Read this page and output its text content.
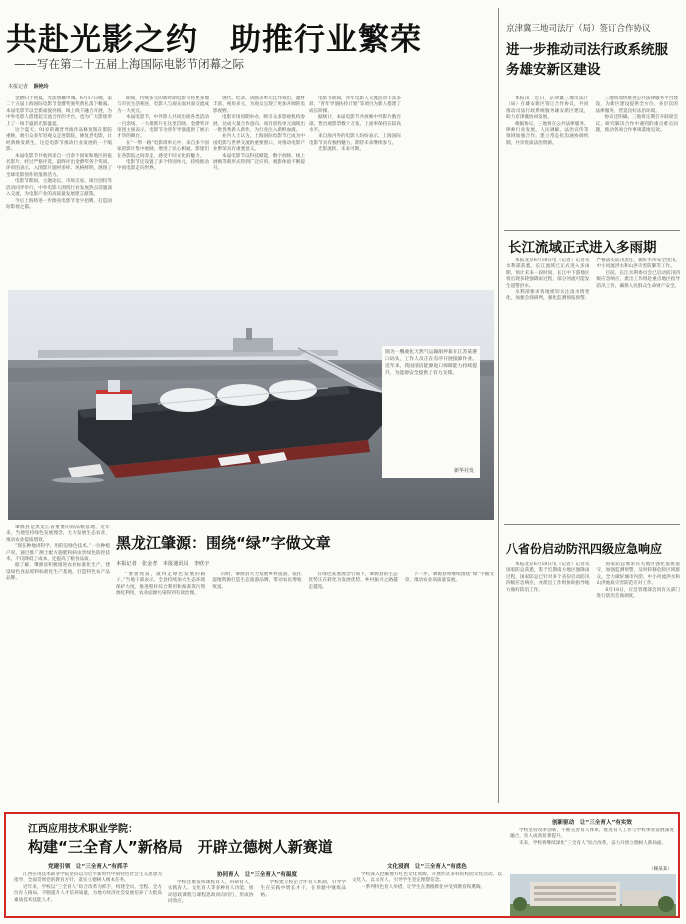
共赴光影之约　助推行业繁荣
——写在第二十五届上海国际电影节闭幕之际
本报记者 薛艳玲

金爵归于初夏，光影照耀申城。6月17日晚，第二十五届上海国际电影节金爵奖颁奖典礼落下帷幕。本届电影节以全新面貌亮相，线上线下融合开展，为中外电影人搭建起交流合作的平台，也为广大影迷奉上了一场丰盛的光影盛宴。

这个夏天，91岁的谢晋导演作品修复版在影院重映，吸引众多年轻观众走进影院。修复老电影，让经典焕发新生，这是电影节推动行业发展的一个缩影。

本届电影节共收到来自一百余个国家和地区的报名影片，经过严格评选，最终评出金爵奖各个奖项。评审团表示，入围影片题材多样、风格鲜明，展现了全球电影创作的蓬勃活力。

电影节期间，主题论坛、市场交易、项目创投等活动同步举行，中外电影人围绕行业发展热点话题深入交流，为电影产业的高质量发展建言献策。

今后上海将进一步擦亮电影节金字招牌，打造国际影视之都。

期间，传统多元的新时期电影节将更多地与市民生活相连，电影人与观众面对面交流成为一大亮点。

本届电影节，中外影人共同出席各类活动一百余场，一大批新片在这里首映。金爵奖评审团主席表示，电影节为青年导演提供了展示才华的舞台。

在“一带一路”电影周单元中，来自多个国家的影片集中展映，增进了民心相通。影迷们在各影院之间奔走，感受不同文化的魅力。

电影节还设置了多个特别单元，持续推动中国电影走向世界。

现代、纪录、动画等单元佳作频出，题材丰富、视角多元，为观众呈现了更加开阔的电影视野。

电影市场同期举办，吸引众多影视机构参展，达成大量合作意向。项目创投单元涌现出一批优秀新人新作，为行业注入新鲜血液。

业内人士认为，上海国际电影节已成为中国电影与世界交流的重要窗口，对推动电影产业繁荣具有重要意义。

本届电影节以科技赋能，数字放映、线上展映等新形式得到广泛应用，观影体验不断提升。

电影节期间，青年电影人交流活动丰富多彩，“青年导演扶持计划”等项目为新人搭建了成长阶梯。

据统计，本届电影节共放映中外影片数百部，售出观影票数十万张，上座率保持在较高水平。

来自海内外的电影人纷纷表示，上海国际电影节具有独特魅力，期待未来继续参与。

光影流转，未来可期。

京津冀三地司法厅（局）签订合作协议
进一步推动司法行政系统服务雄安新区建设

本报讯　近日，京津冀三地司法厅（局）在雄安新区签订合作协议，共同推动司法行政系统服务雄安新区建设，助力京津冀协同发展。

根据协议，三地将在公共法律服务、律师行业发展、人民调解、法治宣传等领域加强合作，建立常态化沟通协调机制，共享优质法治资源。

三地将加快推进公共法律服务平台建设，为新区建设提供全方位、多层次的法律服务，营造良好法治环境。

协议还明确，三地将定期召开联席会议，研究解决合作中遇到的重点难点问题，推动各项合作事项落地见效。

长江流域正式进入多雨期

本报北京6月18日电（记者）记者从水利部获悉，长江流域已正式进入多雨期，预计未来一段时间，长江中下游地区将出现多轮强降雨过程，部分河流可能发生超警洪水。

水利部要求各地密切关注雨水情变化，加强会商研判，强化监测预报预警，严格落实防汛责任，做好水库安全度汛、中小河流洪水和山洪灾害防御等工作。

目前，长江水利委员会已启动防汛四级应急响应，派出工作组赴重点地区指导防汛工作，确保人民群众生命财产安全。

八省份启动防汛四级应急响应

本报北京6月18日电（记者）记者从国家防总获悉，鉴于近期南方地区强降雨过程，国家防总已针对多个省份启动防汛四级应急响应，并派出工作组协助指导地方做好防汛工作。

国家防总要求有关地区强化值班值守，加强监测预警，及时转移危险区域群众，全力做好城市内涝、中小河流洪水和山洪地质灾害防范应对工作。

6月18日，应急管理部会同有关部门进行防汛会商调度。

图为一艘液化天然气运输船停靠在江苏某港口码头，工作人员正在有序开展接卸作业。近年来，我国清洁能源进口保障能力持续提升，为能源安全提供了有力支撑。
新华社发

肇源县是黑龙江省重要的商品粮基地，近年来，当地坚持绿色发展理念，大力发展生态农业，推动农业提质增效。

“现在种地讲科学，用的是绿色技术。”一位种植户说，通过推广测土配方施肥和病虫害绿色防控技术，不仅降低了成本，还提高了粮食品质。

据了解，肇源县积极推进农业标准化生产，建设绿色食品原料标准化生产基地，打造特色农产品品牌。

黑龙江肇源：围绕“绿”字做文章
本报记者　张金孝　本报通讯员　李欣宇

“要想致富，就得走绿色发展的路子。”当地干部表示，全县持续加大生态环境保护力度，推进秸秆综合利用和畜禽粪污资源化利用，农业面源污染得到有效治理。

同时，肇源县大力发展乡村旅游，依托湿地资源打造生态旅游品牌，带动农民增收致富。

在绿色发展理念引领下，肇源县的生态优势正在转化为发展优势，乡村振兴之路越走越宽。

下一步，肇源县将继续围绕“绿”字做文章，推动农业高质量发展。

江西应用技术职业学院：
构建“三全育人”新格局　开辟立德树人新赛道
党建引领　让“三全育人”有抓手

江西应用技术职业学院坚持以习近平新时代中国特色社会主义思想为指导，全面贯彻党的教育方针，落实立德树人根本任务。

近年来，学校以“三全育人”综合改革为抓手，构建全员、全程、全方位育人格局，不断提升人才培养质量，为地方经济社会发展培养了大批高素质技术技能人才。

协同育人　让“三全育人”有温度

学校注重发挥课程育人、科研育人、实践育人、文化育人等多种育人功能，推动思政课程与课程思政同向同行，形成协同效应。

学校建立校企合作育人机制，引导学生在实践中增长才干，在奉献中锤炼品格。

文化浸润　让“三全育人”有底色

学校深入挖掘地方红色文化资源，开展形式多样的校园文化活动，以文化人、以文育人，引导学生坚定理想信念。

一系列特色育人举措，让学生在潜移默化中受到教育和熏陶。

创新驱动　让“三全育人”有实效

学校坚持改革创新，不断完善育人体系，推进育人工作与学校事业发展深度融合，育人成效显著提升。

未来，学校将继续深化“三全育人”综合改革，奋力开创立德树人新局面。

（赖某某）
